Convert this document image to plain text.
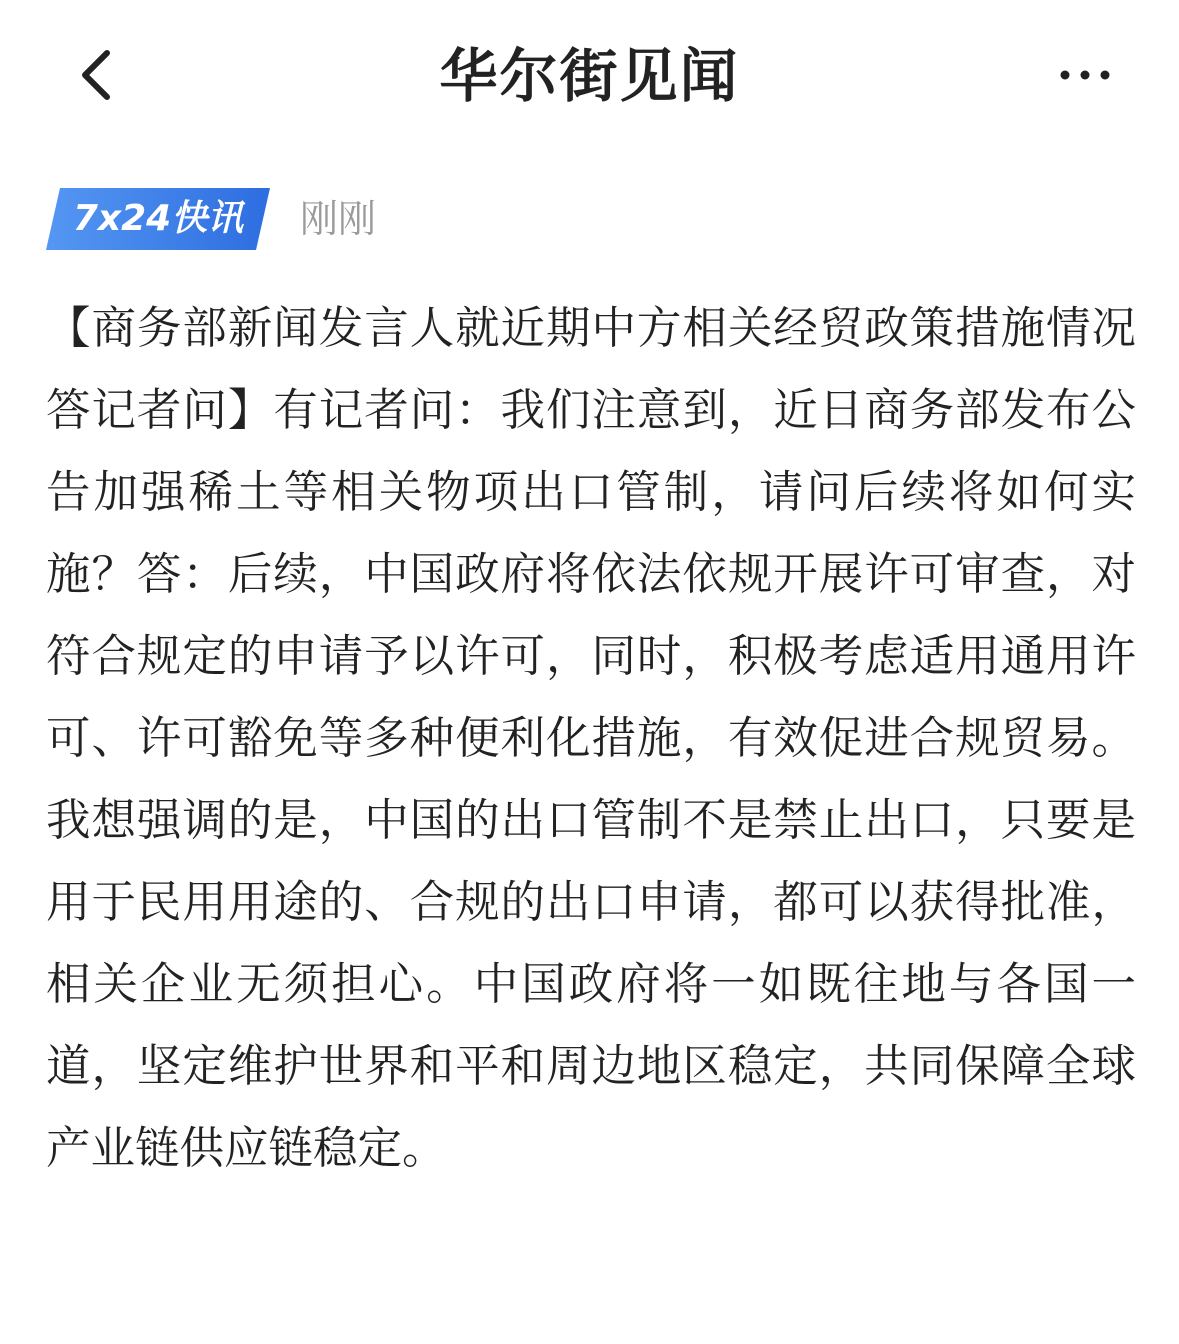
华尔街见闻
7x24快讯	刚刚

【商务部新闻发言人就近期中方相关经贸政策措施情况答记者问】有记者问：我们注意到，近日商务部发布公告加强稀土等相关物项出口管制，请问后续将如何实施？答：后续，中国政府将依法依规开展许可审查，对符合规定的申请予以许可，同时，积极考虑适用通用许可、许可豁免等多种便利化措施，有效促进合规贸易。我想强调的是，中国的出口管制不是禁止出口，只要是用于民用用途的、合规的出口申请，都可以获得批准，相关企业无须担心。中国政府将一如既往地与各国一道，坚定维护世界和平和周边地区稳定，共同保障全球产业链供应链稳定。
